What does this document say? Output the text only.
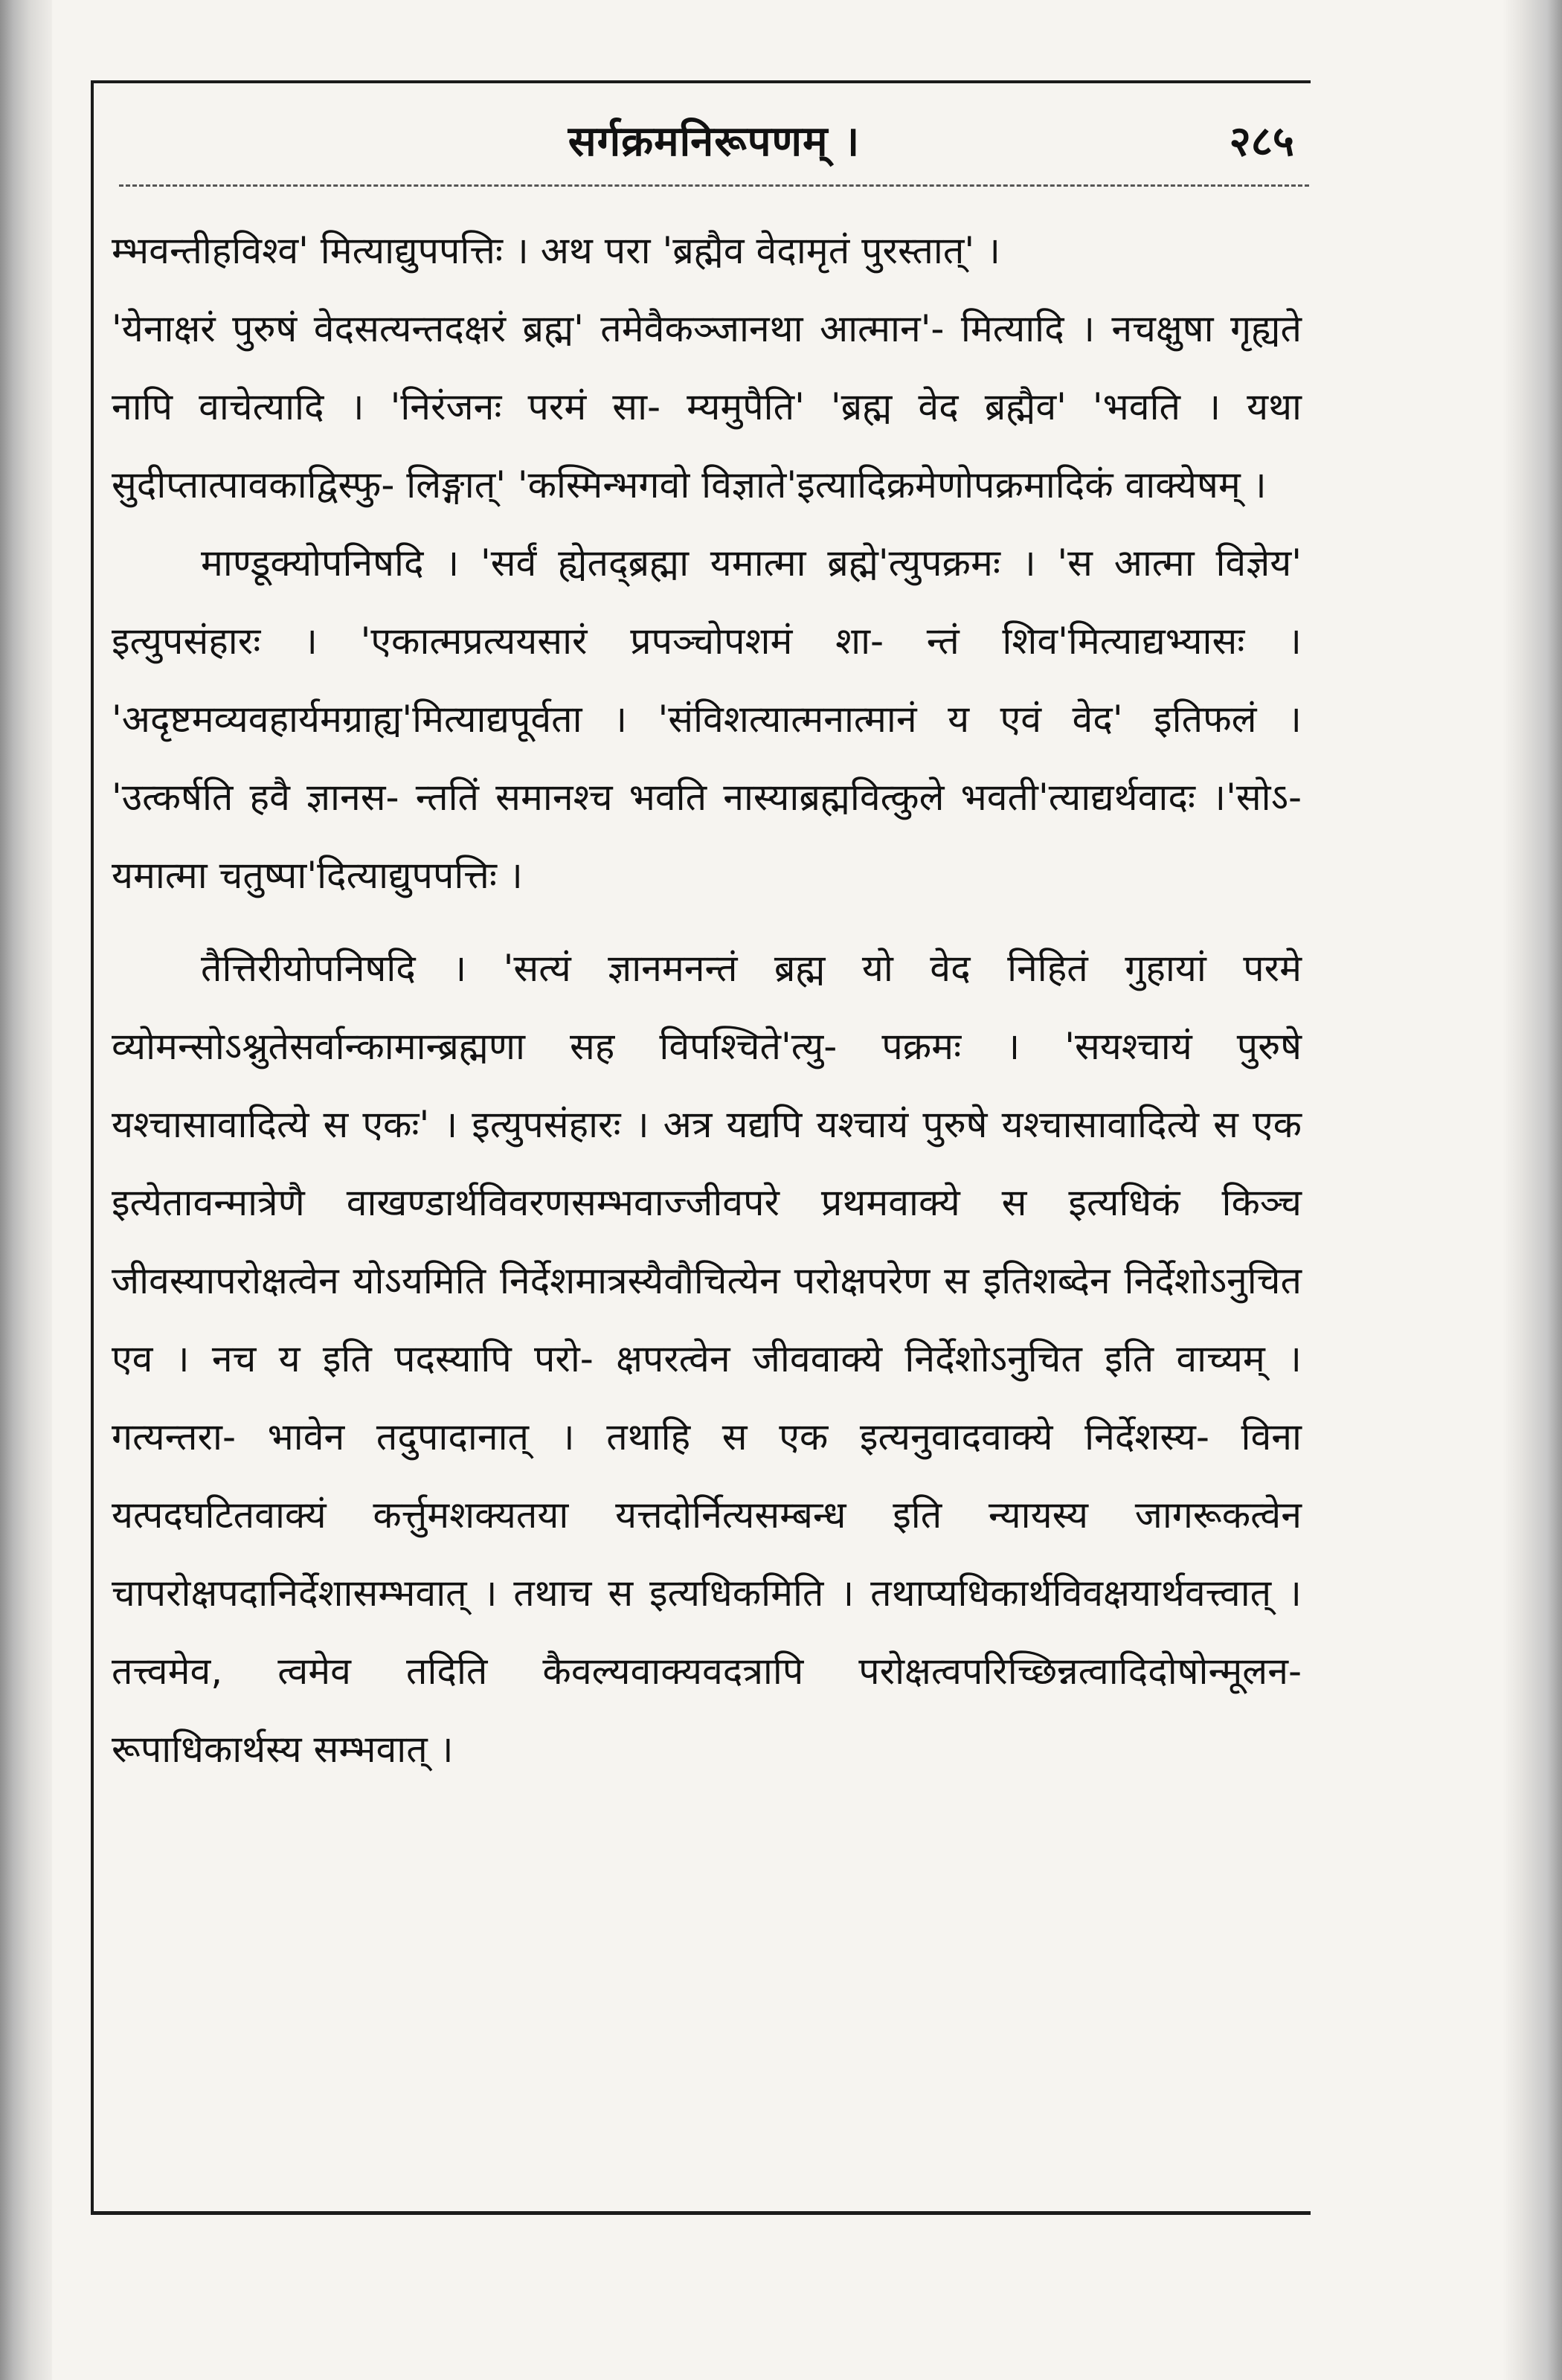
सर्गक्रमनिरूपणम् ।	२८५

म्भवन्तीहविश्व' मित्याद्युपपत्तिः । अथ परा 'ब्रह्मैव वेदामृतं पुरस्तात्' ।

'येनाक्षरं पुरुषं वेदसत्यन्तदक्षरं ब्रह्म' तमेवैकञ्जानथा आत्मान'- मित्यादि । नचक्षुषा गृह्यते नापि वाचेत्यादि । 'निरंजनः परमं सा- म्यमुपैति' 'ब्रह्म वेद ब्रह्मैव' 'भवति । यथा सुदीप्तात्पावकाद्विस्फु- लिङ्गात्' 'कस्मिन्भगवो विज्ञाते'इत्यादिक्रमेणोपक्रमादिकं वाक्येषम् ।

माण्डूक्योपनिषदि । 'सर्वं ह्येतद्ब्रह्मा यमात्मा ब्रह्मे'त्युपक्रमः । 'स आत्मा विज्ञेय' इत्युपसंहारः । 'एकात्मप्रत्ययसारं प्रपञ्चोपशमं शा- न्तं शिव'मित्याद्यभ्यासः । 'अदृष्टमव्यवहार्यमग्राह्य'मित्याद्यपूर्वता । 'संविशत्यात्मनात्मानं य एवं वेद' इतिफलं । 'उत्कर्षति हवै ज्ञानस- न्ततिं समानश्च भवति नास्याब्रह्मवित्कुले भवती'त्याद्यर्थवादः ।'सोऽ- यमात्मा चतुष्पा'दित्याद्युपपत्तिः ।

तैत्तिरीयोपनिषदि । 'सत्यं ज्ञानमनन्तं ब्रह्म यो वेद निहितं गुहायां परमे व्योमन्सोऽश्नुतेसर्वान्कामान्ब्रह्मणा सह विपश्चिते'त्यु- पक्रमः । 'सयश्चायं पुरुषे यश्चासावादित्ये स एकः' । इत्युपसंहारः । अत्र यद्यपि यश्चायं पुरुषे यश्चासावादित्ये स एक इत्येतावन्मात्रेणै वाखण्डार्थविवरणसम्भवाज्जीवपरे प्रथमवाक्ये स इत्यधिकं किञ्च जीवस्यापरोक्षत्वेन योऽयमिति निर्देशमात्रस्यैवौचित्येन परोक्षपरेण स इतिशब्देन निर्देशोऽनुचित एव । नच य इति पदस्यापि परो- क्षपरत्वेन जीववाक्ये निर्देशोऽनुचित इति वाच्यम् । गत्यन्तरा- भावेन तदुपादानात् । तथाहि स एक इत्यनुवादवाक्ये निर्देशस्य- विना यत्पदघटितवाक्यं कर्त्तुमशक्यतया यत्तदोर्नित्यसम्बन्ध इति न्यायस्य जागरूकत्वेन चापरोक्षपदानिर्देशासम्भवात् । तथाच स इत्यधिकमिति । तथाप्यधिकार्थविवक्षयार्थवत्त्वात् । तत्त्वमेव, त्वमेव तदिति कैवल्यवाक्यवदत्रापि परोक्षत्वपरिच्छिन्नत्वादिदोषोन्मूलन- रूपाधिकार्थस्य सम्भवात् ।
